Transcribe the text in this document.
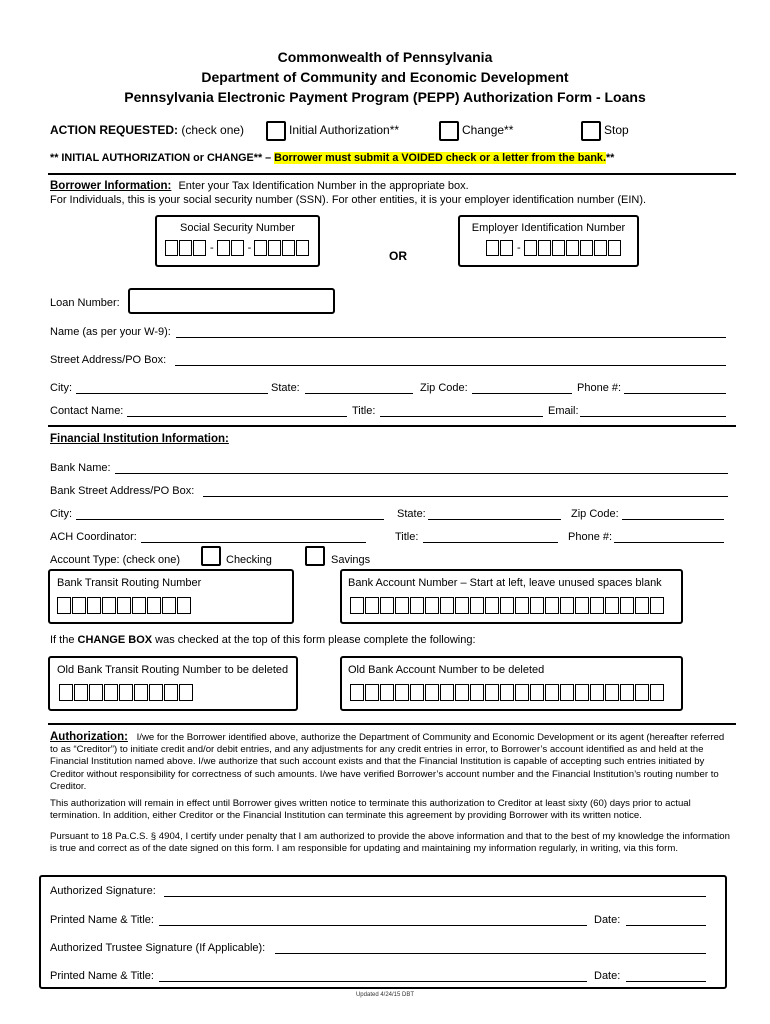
Commonwealth of Pennsylvania
Department of Community and Economic Development
Pennsylvania Electronic Payment Program (PEPP) Authorization Form - Loans
ACTION REQUESTED: (check one)	Initial Authorization**	Change**	Stop
** INITIAL AUTHORIZATION or CHANGE** – Borrower must submit a VOIDED check or a letter from the bank.**
Borrower Information: Enter your Tax Identification Number in the appropriate box.
For Individuals, this is your social security number (SSN). For other entities, it is your employer identification number (EIN).
Social Security Number
-	-
OR
Employer Identification Number
-
Loan Number:
Name (as per your W-9):
Street Address/PO Box:
City:	State:	Zip Code:	Phone #:
Contact Name:	Title:	Email:
Financial Institution Information:
Bank Name:
Bank Street Address/PO Box:
City:	State:	Zip Code:
ACH Coordinator:	Title:	Phone #:
Account Type: (check one)	Checking	Savings
Bank Transit Routing Number	Bank Account Number – Start at left, leave unused spaces blank
If the CHANGE BOX was checked at the top of this form please complete the following:
Old Bank Transit Routing Number to be deleted	Old Bank Account Number to be deleted
Authorization: I/we for the Borrower identified above, authorize the Department of Community and Economic Development or its agent (hereafter referred to as “Creditor”) to initiate credit and/or debit entries, and any adjustments for any credit entries in error, to Borrower’s account identified as and held at the Financial Institution named above. I/we authorize that such account exists and that the Financial Institution is capable of accepting such entries initiated by Creditor without responsibility for correctness of such amounts. I/we have verified Borrower’s account number and the Financial Institution’s routing number to Creditor.
This authorization will remain in effect until Borrower gives written notice to terminate this authorization to Creditor at least sixty (60) days prior to actual termination. In addition, either Creditor or the Financial Institution can terminate this agreement by providing Borrower with its written notice.
Pursuant to 18 Pa.C.S. § 4904, I certify under penalty that I am authorized to provide the above information and that to the best of my knowledge the information is true and correct as of the date signed on this form. I am responsible for updating and maintaining my information regularly, in writing, via this form.
Authorized Signature:
Printed Name & Title:	Date:
Authorized Trustee Signature (If Applicable):
Printed Name & Title:	Date:
Updated 4/24/15 DBT
